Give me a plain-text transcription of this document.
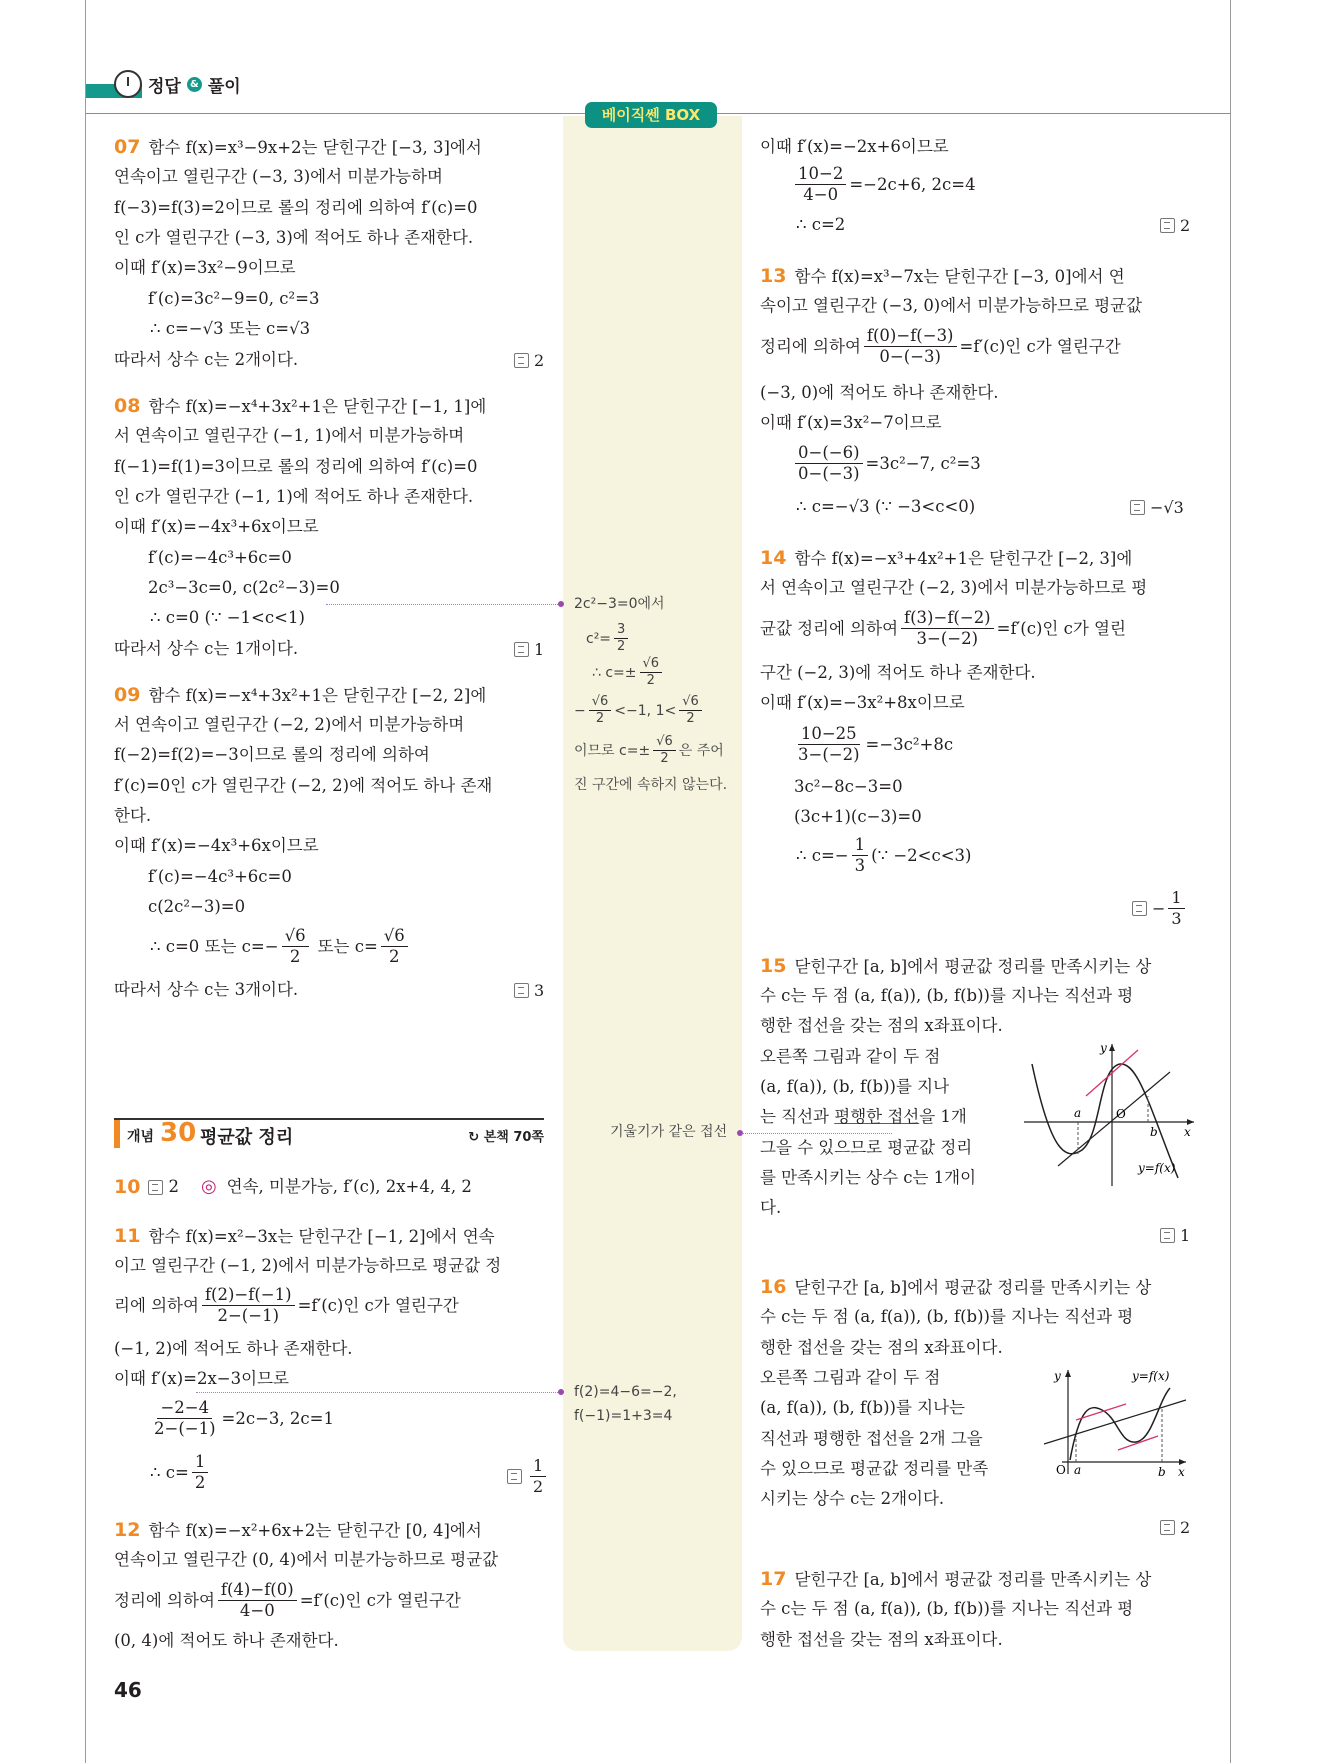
정답 & 풀이
베이직쎈 BOX
07 함수 f(x)=x³−9x+2는 닫힌구간 [−3, 3]에서
연속이고 열린구간 (−3, 3)에서 미분가능하며
f(−3)=f(3)=2이므로 롤의 정리에 의하여 f′(c)=0
인 c가 열린구간 (−3, 3)에 적어도 하나 존재한다.
이때 f′(x)=3x²−9이므로
f′(c)=3c²−9=0, c²=3
∴ c=−√3 또는 c=√3
따라서 상수 c는 2개이다.	2
08 함수 f(x)=−x⁴+3x²+1은 닫힌구간 [−1, 1]에
서 연속이고 열린구간 (−1, 1)에서 미분가능하며
f(−1)=f(1)=3이므로 롤의 정리에 의하여 f′(c)=0
인 c가 열린구간 (−1, 1)에 적어도 하나 존재한다.
이때 f′(x)=−4x³+6x이므로
f′(c)=−4c³+6c=0
2c³−3c=0, c(2c²−3)=0
∴ c=0 (∵ −1<c<1)
따라서 상수 c는 1개이다.	1
09 함수 f(x)=−x⁴+3x²+1은 닫힌구간 [−2, 2]에
서 연속이고 열린구간 (−2, 2)에서 미분가능하며
f(−2)=f(2)=−3이므로 롤의 정리에 의하여
f′(c)=0인 c가 열린구간 (−2, 2)에 적어도 하나 존재
한다.
이때 f′(x)=−4x³+6x이므로
f′(c)=−4c³+6c=0
c(2c²−3)=0
∴ c=0 또는 $c=- \frac{√6}{2}$ 또는 $c= \frac{√6}{2}$
따라서 상수 c는 3개이다.	3
개념 30 평균값 정리	↻ 본책 70쪽
10 2 ◎ 연속, 미분가능, f′(c), 2x+4, 4, 2
11 함수 f(x)=x²−3x는 닫힌구간 [−1, 2]에서 연속
이고 열린구간 (−1, 2)에서 미분가능하므로 평균값 정
리에 의하여 $\frac{f(2)-f(-1)}{2-(-1)} =f'(c)$인 c가 열린구간
(−1, 2)에 적어도 하나 존재한다.
이때 f′(x)=2x−3이므로
$\frac{-2-4}{2-(-1)} =2c-3$, 2c=1
∴ $c= \frac{1}{2}$	1
2
12 함수 f(x)=−x²+6x+2는 닫힌구간 [0, 4]에서
연속이고 열린구간 (0, 4)에서 미분가능하므로 평균값
정리에 의하여 $\frac{f(4)-f(0)}{4-0} =f'(c)$인 c가 열린구간
(0, 4)에 적어도 하나 존재한다.
2c²−3=0에서
$c^2= \frac{3}{2}$
∴ $c=\pm \frac{√6}{2}$
− $\frac{√6}{2} <-1$, 1<
√6
2
이므로 $c=\pm \frac{√6}{2}$ 은 주어
진 구간에 속하지 않는다.
기울기가 같은 접선
f(2)=4−6=−2,
f(−1)=1+3=4
이때 f′(x)=−2x+6이므로
$\frac{10-2}{4-0} =-2c+6$, 2c=4
∴ c=2	2
13 함수 f(x)=x³−7x는 닫힌구간 [−3, 0]에서 연
속이고 열린구간 (−3, 0)에서 미분가능하므로 평균값
정리에 의하여 $\frac{f(0)-f(-3)}{0-(-3)} =f'(c)$인 c가 열린구간
(−3, 0)에 적어도 하나 존재한다.
이때 f′(x)=3x²−7이므로
$\frac{0-(-6)}{0-(-3)} =3c^2-7$, c²=3
∴ c=−√3 (∵ −3<c<0)	−√3
14 함수 f(x)=−x³+4x²+1은 닫힌구간 [−2, 3]에
서 연속이고 열린구간 (−2, 3)에서 미분가능하므로 평
균값 정리에 의하여 $\frac{f(3)-f(-2)}{3-(-2)} =f'(c)$인 c가 열린
구간 (−2, 3)에 적어도 하나 존재한다.
이때 f′(x)=−3x²+8x이므로
$\frac{10-25}{3-(-2)} =-3c^2+8c$
3c²−8c−3=0
(3c+1)(c−3)=0
∴ $c=- \frac{1}{3}$ (∵ −2<c<3)
− $\frac{1}{3}$
15 닫힌구간 [a, b]에서 평균값 정리를 만족시키는 상
수 c는 두 점 (a, f(a)), (b, f(b))를 지나는 직선과 평
행한 접선을 갖는 점의 x좌표이다.
오른쪽 그림과 같이 두 점
(a, f(a)), (b, f(b))를 지나
는 직선과 평행한 접선을 1개
그을 수 있으므로 평균값 정리
를 만족시키는 상수 c는 1개이
다.
1
y
x
O
a
b
y=f(x)
16 닫힌구간 [a, b]에서 평균값 정리를 만족시키는 상
수 c는 두 점 (a, f(a)), (b, f(b))를 지나는 직선과 평
행한 접선을 갖는 점의 x좌표이다.
오른쪽 그림과 같이 두 점
(a, f(a)), (b, f(b))를 지나는
직선과 평행한 접선을 2개 그을
수 있으므로 평균값 정리를 만족
시키는 상수 c는 2개이다.
2
y
x
O a	b
y=f(x)
17 닫힌구간 [a, b]에서 평균값 정리를 만족시키는 상
수 c는 두 점 (a, f(a)), (b, f(b))를 지나는 직선과 평
행한 접선을 갖는 점의 x좌표이다.
46
